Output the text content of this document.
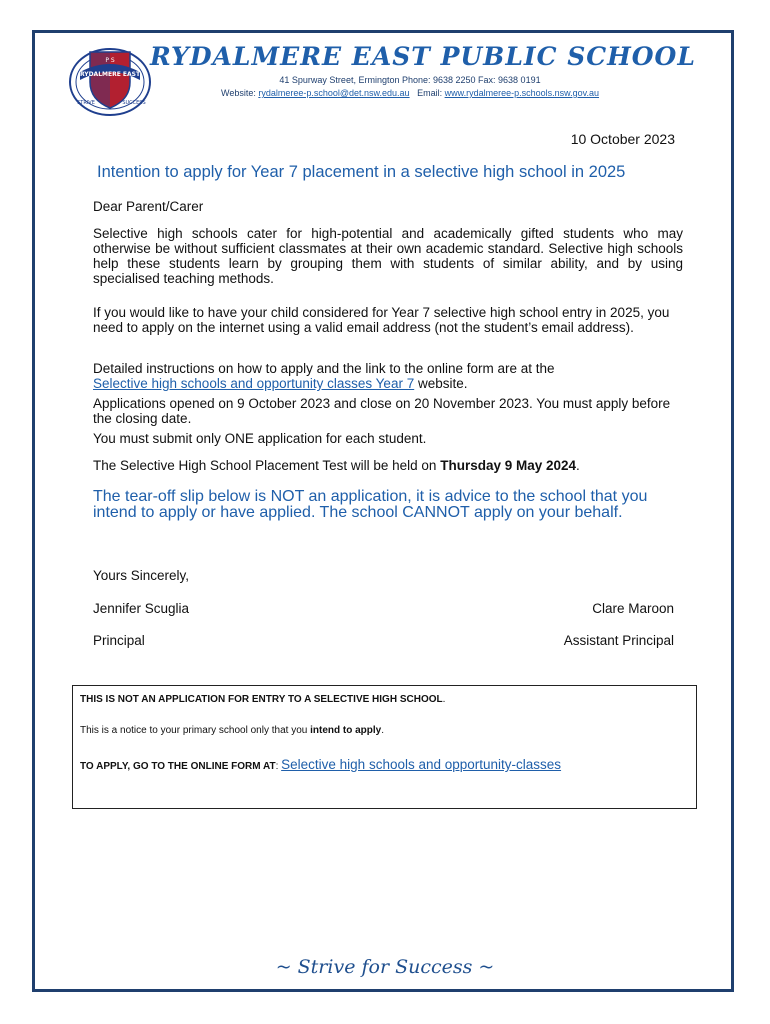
RYDALMERE EAST
P S
STRIVE	SUCCESS
RYDALMERE EAST PUBLIC SCHOOL
41 Spurway Street, Ermington Phone: 9638 2250 Fax: 9638 0191
Website: rydalmeree-p.school@det.nsw.edu.au   Email: www.rydalmeree-p.schools.nsw.gov.au
10 October 2023
Intention to apply for Year 7 placement in a selective high school in 2025
Dear Parent/Carer
Selective high schools cater for high-potential and academically gifted students who may otherwise be without sufficient classmates at their own academic standard. Selective high schools help these students learn by grouping them with students of similar ability, and by using specialised teaching methods.
If you would like to have your child considered for Year 7 selective high school entry in 2025, you need to apply on the internet using a valid email address (not the student’s email address).
Detailed instructions on how to apply and the link to the online form are at the
Selective high schools and opportunity classes Year 7 website.
Applications opened on 9 October 2023 and close on 20 November 2023. You must apply before the closing date.
You must submit only ONE application for each student.
The Selective High School Placement Test will be held on Thursday 9 May 2024.
The tear-off slip below is NOT an application, it is advice to the school that you intend to apply or have applied. The school CANNOT apply on your behalf.
Yours Sincerely,
Jennifer Scuglia	Clare Maroon
Principal	Assistant Principal
THIS IS NOT AN APPLICATION FOR ENTRY TO A SELECTIVE HIGH SCHOOL.
This is a notice to your primary school only that you intend to apply.
TO APPLY, GO TO THE ONLINE FORM AT: Selective high schools and opportunity-classes
~ Strive for Success ~
